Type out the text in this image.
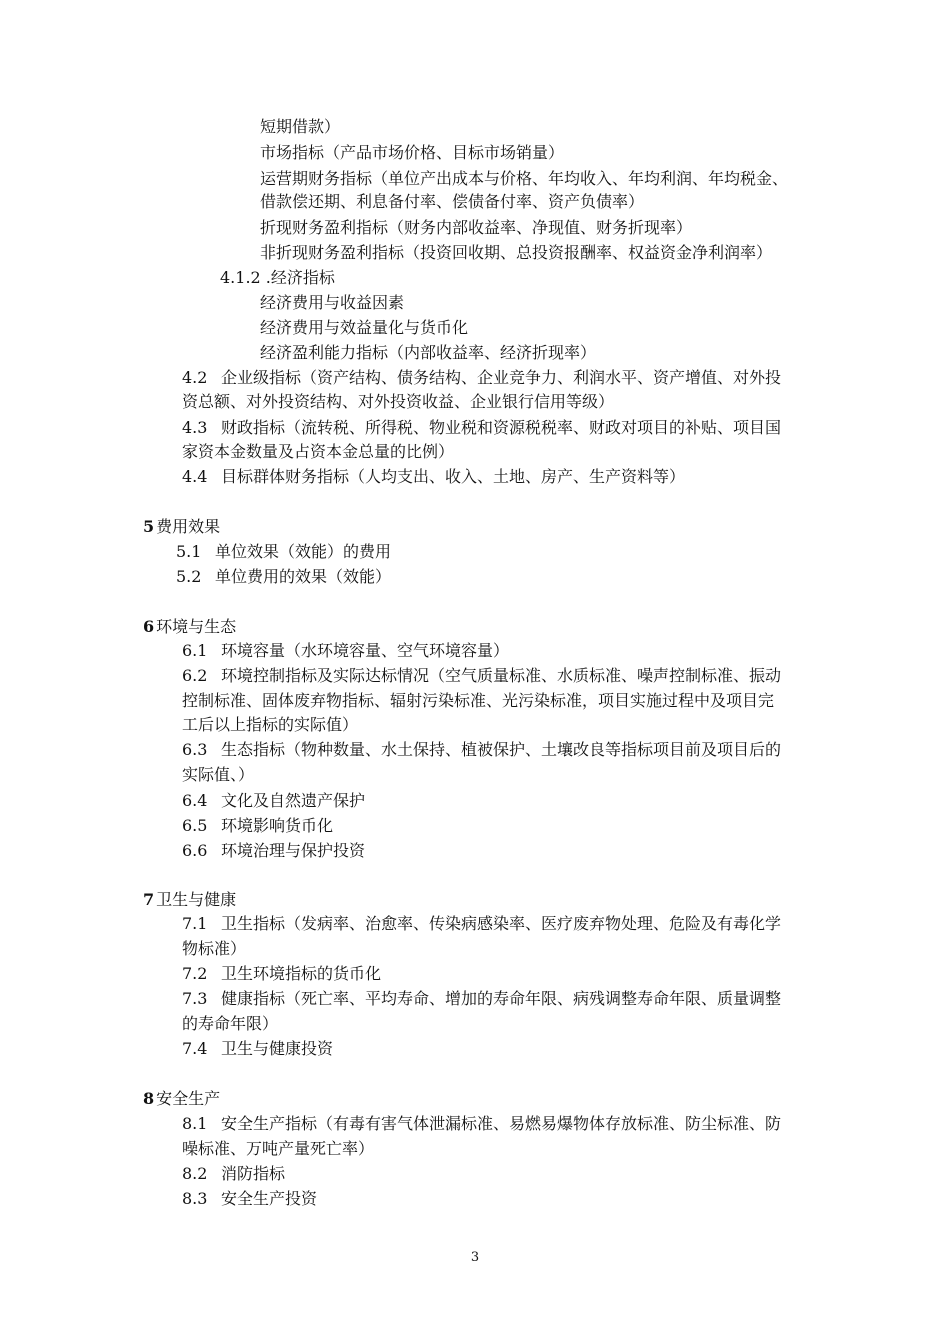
短期借款）
市场指标（产品市场价格、目标市场销量）
运营期财务指标（单位产出成本与价格、年均收入、年均利润、年均税金、
借款偿还期、利息备付率、偿债备付率、资产负债率）
折现财务盈利指标（财务内部收益率、净现值、财务折现率）
非折现财务盈利指标（投资回收期、总投资报酬率、权益资金净利润率）
4.1.2 .经济指标
经济费用与收益因素
经济费用与效益量化与货币化
经济盈利能力指标（内部收益率、经济折现率）
4.2 企业级指标（资产结构、债务结构、企业竞争力、利润水平、资产增值、对外投
资总额、对外投资结构、对外投资收益、企业银行信用等级）
4.3 财政指标（流转税、所得税、物业税和资源税税率、财政对项目的补贴、项目国
家资本金数量及占资本金总量的比例）
4.4 目标群体财务指标（人均支出、收入、土地、房产、生产资料等）
5 费用效果
5.1 单位效果（效能）的费用
5.2 单位费用的效果（效能）
6 环境与生态
6.1 环境容量（水环境容量、空气环境容量）
6.2 环境控制指标及实际达标情况（空气质量标准、水质标准、噪声控制标准、振动
控制标准、固体废弃物指标、辐射污染标准、光污染标准，项目实施过程中及项目完
工后以上指标的实际值）
6.3 生态指标（物种数量、水土保持、植被保护、土壤改良等指标项目前及项目后的
实际值、）
6.4 文化及自然遗产保护
6.5 环境影响货币化
6.6 环境治理与保护投资
7 卫生与健康
7.1 卫生指标（发病率、治愈率、传染病感染率、医疗废弃物处理、危险及有毒化学
物标准）
7.2 卫生环境指标的货币化
7.3 健康指标（死亡率、平均寿命、增加的寿命年限、病残调整寿命年限、质量调整
的寿命年限）
7.4 卫生与健康投资
8 安全生产
8.1 安全生产指标（有毒有害气体泄漏标准、易燃易爆物体存放标准、防尘标准、防
噪标准、万吨产量死亡率）
8.2 消防指标
8.3 安全生产投资
3
